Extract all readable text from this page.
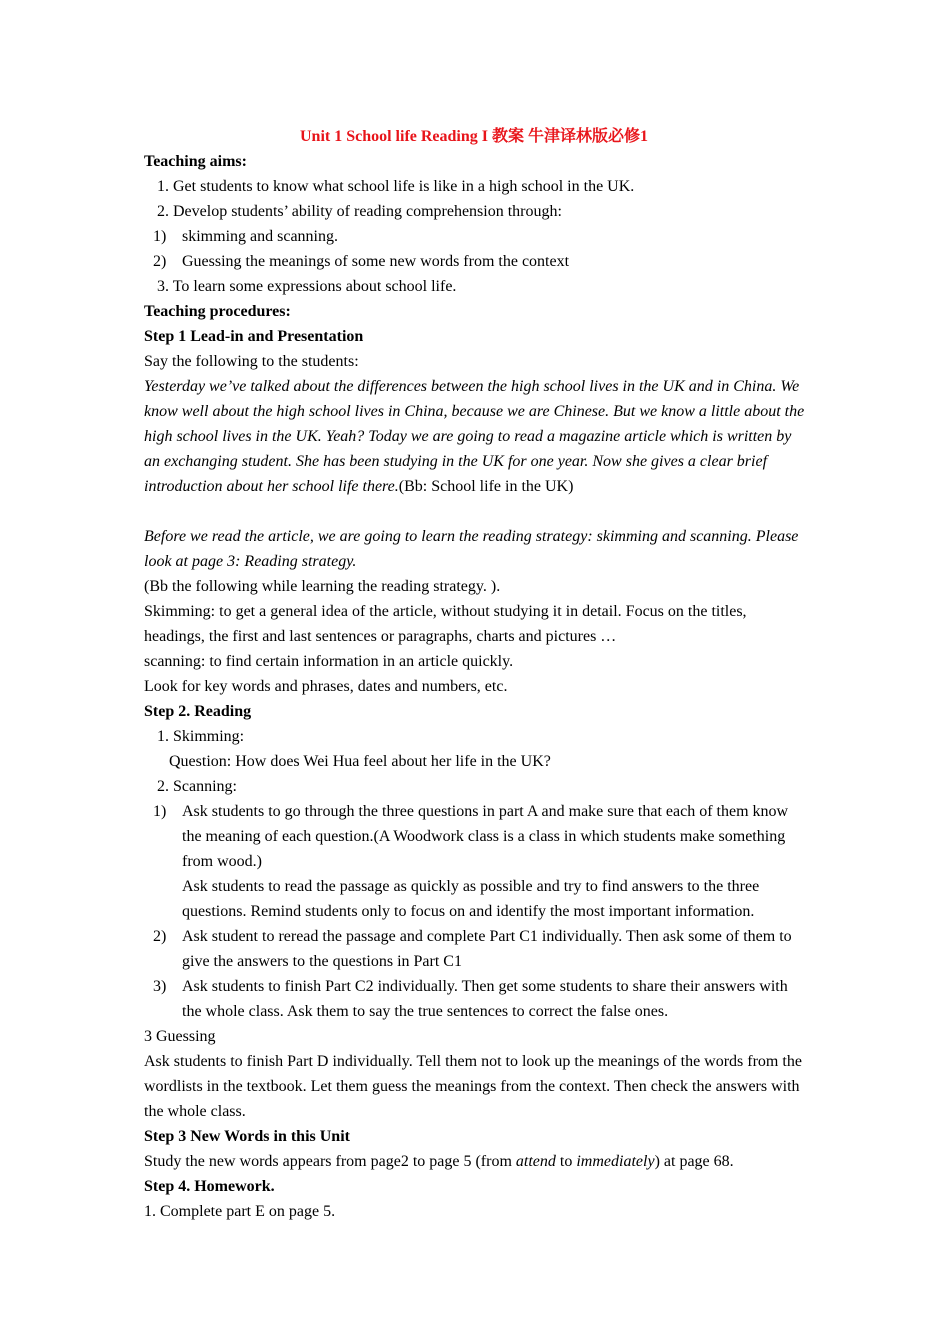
Unit 1 School life Reading I 教案 牛津译林版必修1
Teaching aims:
1. Get students to know what school life is like in a high school in the UK.
2. Develop students’ ability of reading comprehension through:
1) skimming and scanning.
2) Guessing the meanings of some new words from the context
3. To learn some expressions about school life.
Teaching procedures:
Step 1 Lead-in and Presentation
Say the following to the students:
Yesterday we’ve talked about the differences between the high school lives in the UK and in China. We know well about the high school lives in China, because we are Chinese. But we know a little about the high school lives in the UK. Yeah? Today we are going to read a magazine article which is written by an exchanging student. She has been studying in the UK for one year. Now she gives a clear brief introduction about her school life there.(Bb: School life in the UK)
Before we read the article, we are going to learn the reading strategy: skimming and scanning. Please look at page 3: Reading strategy.
(Bb the following while learning the reading strategy. ).
Skimming: to get a general idea of the article, without studying it in detail. Focus on the titles, headings, the first and last sentences or paragraphs, charts and pictures …
scanning: to find certain information in an article quickly.
Look for key words and phrases, dates and numbers, etc.
Step 2. Reading
1. Skimming:
Question: How does Wei Hua feel about her life in the UK?
2. Scanning:
1) Ask students to go through the three questions in part A and make sure that each of them know the meaning of each question.(A Woodwork class is a class in which students make something from wood.)
Ask students to read the passage as quickly as possible and try to find answers to the three questions. Remind students only to focus on and identify the most important information.
2) Ask student to reread the passage and complete Part C1 individually. Then ask some of them to give the answers to the questions in Part C1
3) Ask students to finish Part C2 individually. Then get some students to share their answers with the whole class. Ask them to say the true sentences to correct the false ones.
3 Guessing
Ask students to finish Part D individually. Tell them not to look up the meanings of the words from the wordlists in the textbook. Let them guess the meanings from the context. Then check the answers with the whole class.
Step 3 New Words in this Unit
Study the new words appears from page2 to page 5 (from attend to immediately) at page 68.
Step 4. Homework.
1. Complete part E on page 5.
